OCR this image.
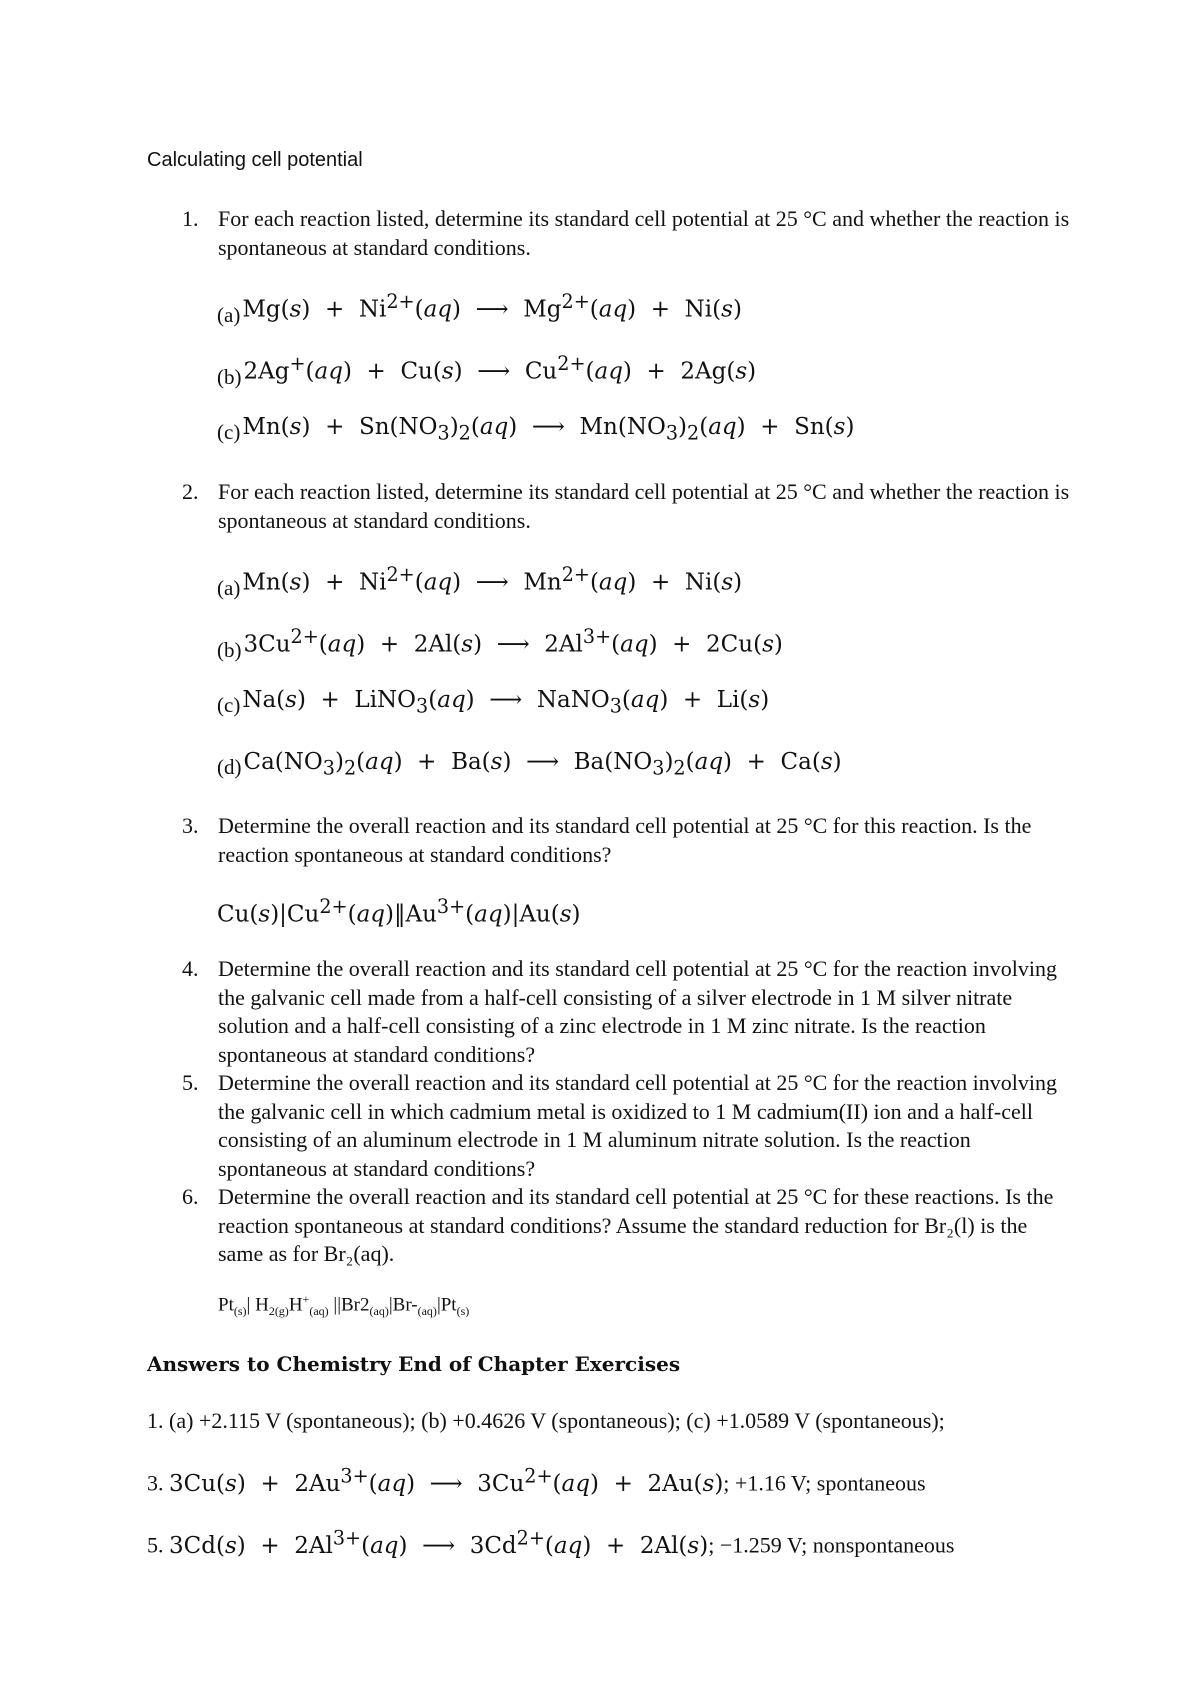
Calculating cell potential
1. For each reaction listed, determine its standard cell potential at 25 °C and whether the reaction is spontaneous at standard conditions.
$(a)Mg(s) + Ni^{2+}(aq)$  ⟶  $Mg^{2+}(aq) + Ni(s)$
(b)2Ag+(aq)  +  Cu(s)  ⟶  $Cu^{2+}(aq) + 2Ag(s)$
$(c)Mn(s) + Sn(NO_3)_2(aq)$  ⟶  $Mn(NO_3)_2(aq) + Sn(s)$
2. For each reaction listed, determine its standard cell potential at 25 °C and whether the reaction is spontaneous at standard conditions.
$(a)Mn(s) + Ni^{2+}(aq)$  ⟶  $Mn^{2+}(aq) + Ni(s)$
$(b)3Cu^{2+}(aq) + 2Al(s)$  ⟶  $2Al^{3+}(aq) + 2Cu(s)$
(c)Na(s)  +  LiNO$_3$(aq)  ⟶  NaNO$_3$(aq)  +  Li(s)
$(d)Ca(NO_3)_2(aq) + Ba(s)$  ⟶  $Ba(NO_3)_2(aq) + Ca(s)$
3. Determine the overall reaction and its standard cell potential at 25 °C for this reaction. Is the reaction spontaneous at standard conditions?
$Cu(s)|Cu^{2+}(aq)‖Au^{3+}(aq)|Au(s)$
4. Determine the overall reaction and its standard cell potential at 25 °C for the reaction involving the galvanic cell made from a half-cell consisting of a silver electrode in 1 M silver nitrate solution and a half-cell consisting of a zinc electrode in 1 M zinc nitrate. Is the reaction spontaneous at standard conditions?
5. Determine the overall reaction and its standard cell potential at 25 °C for the reaction involving the galvanic cell in which cadmium metal is oxidized to 1 M cadmium(II) ion and a half-cell consisting of an aluminum electrode in 1 M aluminum nitrate solution. Is the reaction spontaneous at standard conditions?
6. Determine the overall reaction and its standard cell potential at 25 °C for these reactions. Is the reaction spontaneous at standard conditions? Assume the standard reduction for Br₂(l) is the same as for Br₂(aq).
$Pt_{(s)}|$ $H_{2(g)}H^+_{(aq)}$ $||Br2_{(aq)}|Br-_{(aq)}|Pt_{(s)}$
Answers to Chemistry End of Chapter Exercises
1. (a) +2.115 V (spontaneous); (b) +0.4626 V (spontaneous); (c) +1.0589 V (spontaneous);
3. $3Cu(s) + 2Au^{3+}(aq)$  ⟶  $3Cu^{2+}(aq) + 2Au(s)$; +1.16 V; spontaneous
5. $3Cd(s) + 2Al^{3+}(aq)$  ⟶  $3Cd^{2+}(aq) + 2Al(s)$; −1.259 V; nonspontaneous
